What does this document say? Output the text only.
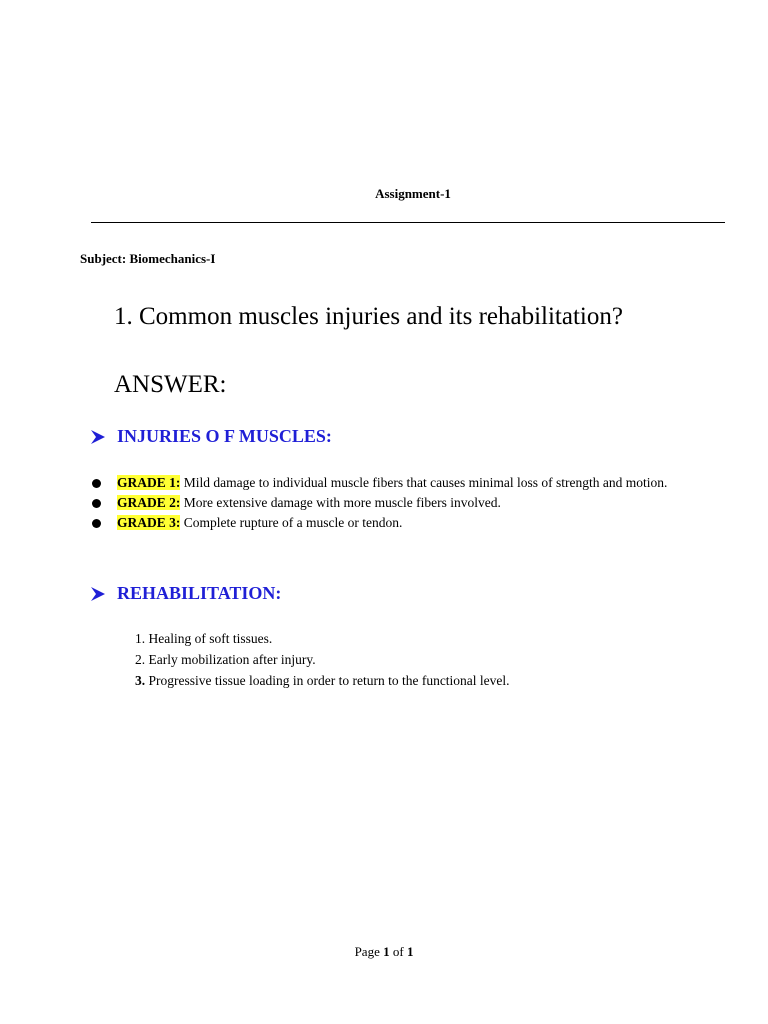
Assignment-1
Subject: Biomechanics-I
1. Common muscles injuries and its rehabilitation?
ANSWER:
INJURIES O F MUSCLES:
GRADE 1: Mild damage to individual muscle fibers that causes minimal loss of strength and motion.
GRADE 2: More extensive damage with more muscle fibers involved.
GRADE 3: Complete rupture of a muscle or tendon.
REHABILITATION:
1. Healing of soft tissues.
2. Early mobilization after injury.
3. Progressive tissue loading in order to return to the functional level.
Page 1 of 1
